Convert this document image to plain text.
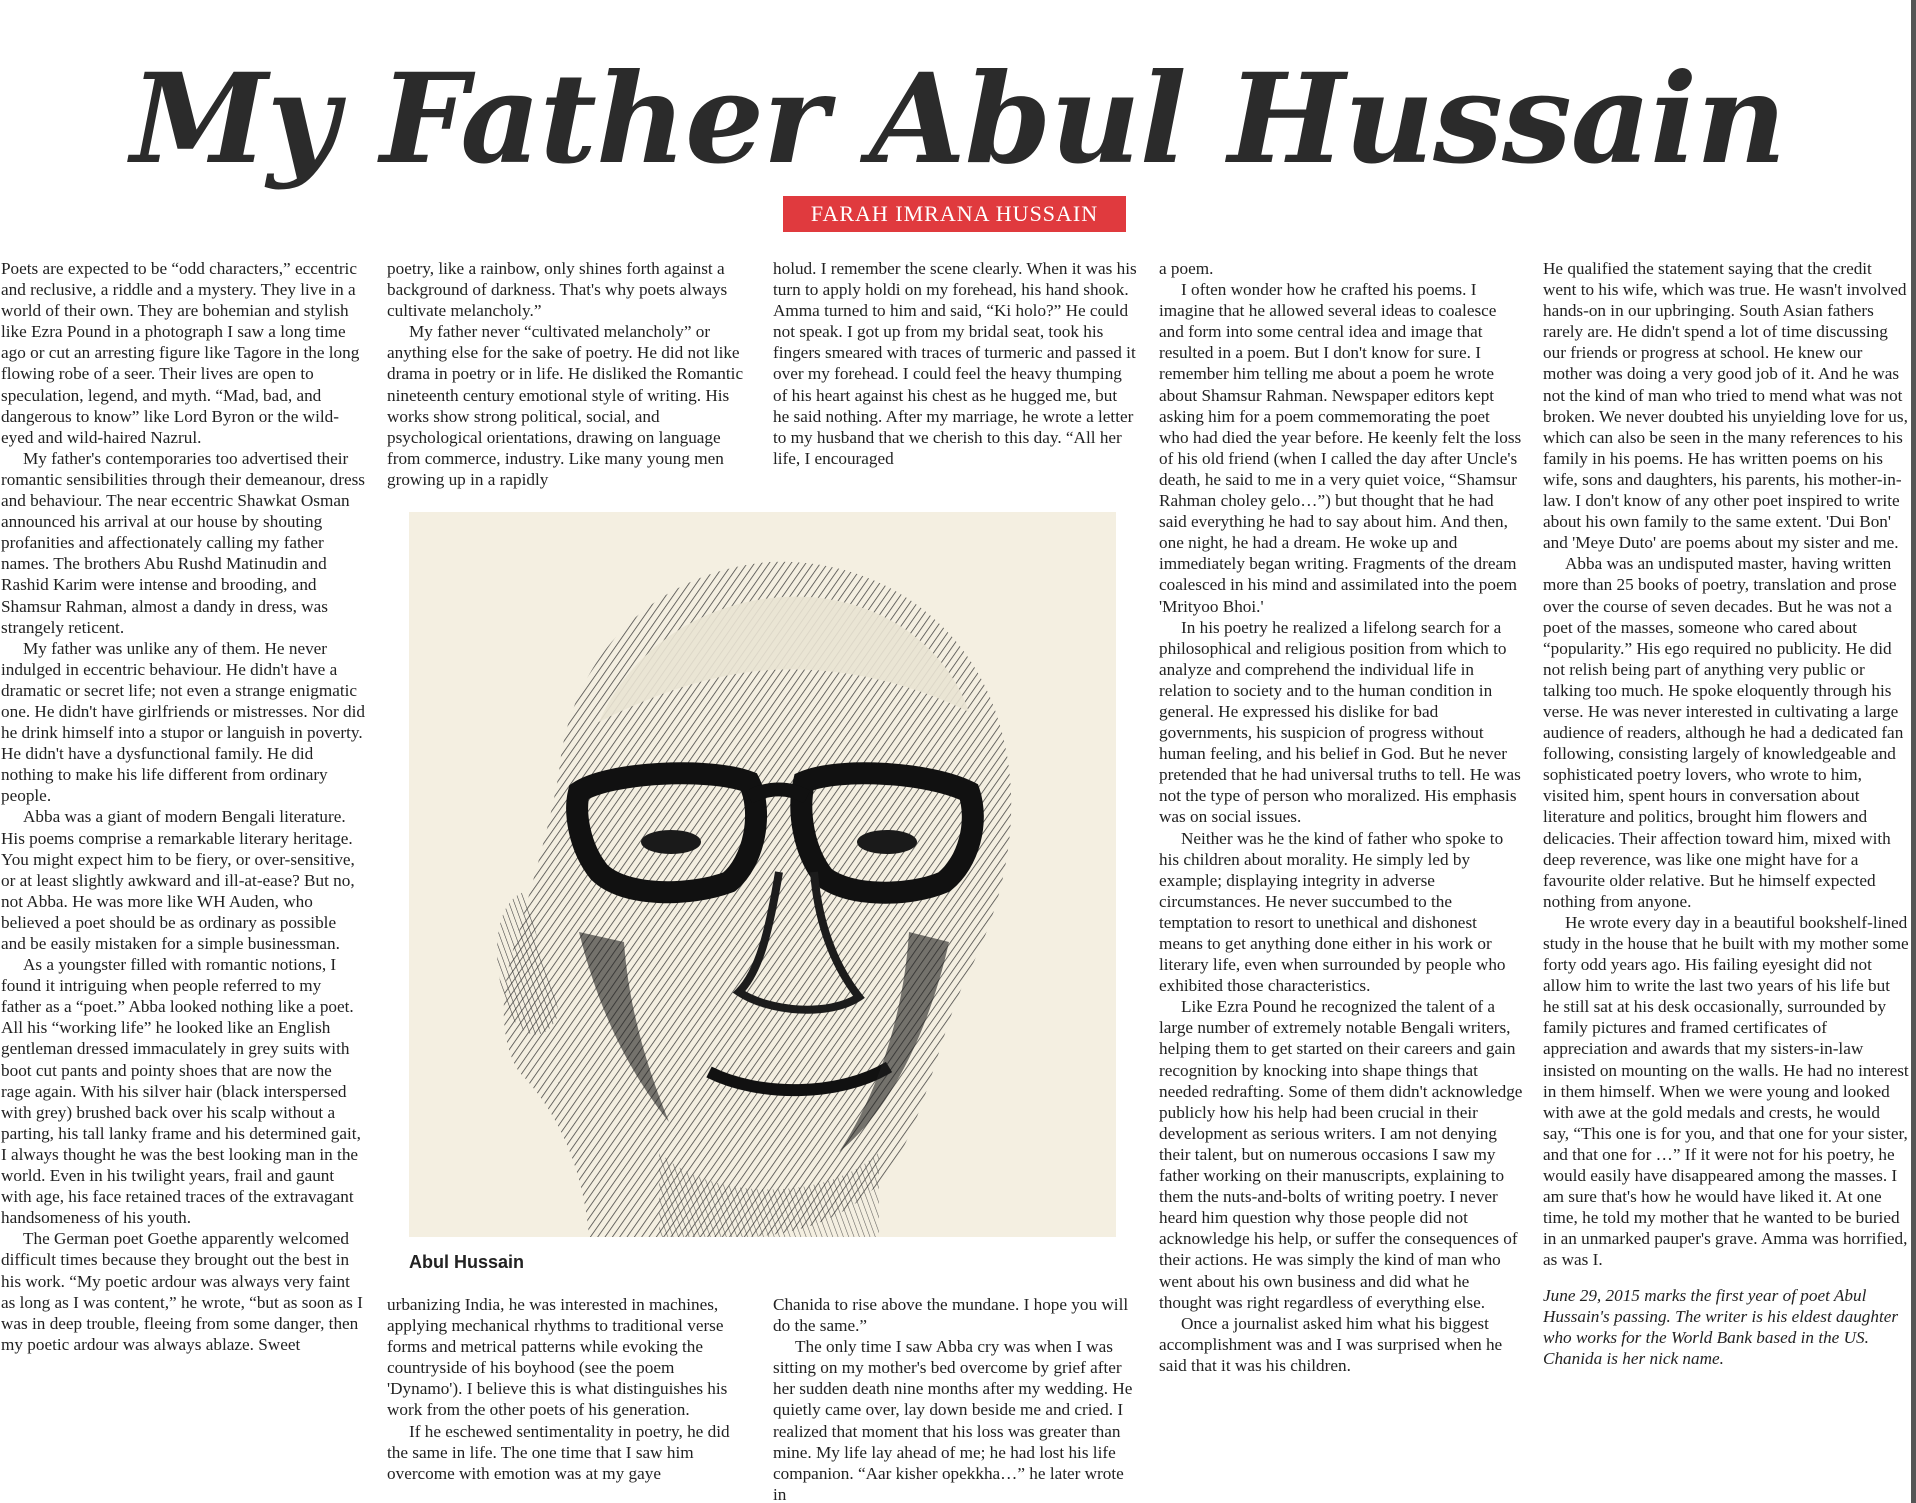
My Father Abul Hussain
FARAH IMRANA HUSSAIN

Poets are expected to be “odd characters,” eccentric and reclusive, a riddle and a mystery. They live in a world of their own. They are bohemian and stylish like Ezra Pound in a photograph I saw a long time ago or cut an arresting figure like Tagore in the long flowing robe of a seer. Their lives are open to speculation, legend, and myth. “Mad, bad, and dangerous to know” like Lord Byron or the wild-eyed and wild-haired Nazrul.

My father's contemporaries too advertised their romantic sensibilities through their demeanour, dress and behaviour. The near eccentric Shawkat Osman announced his arrival at our house by shouting profanities and affectionately calling my father names. The brothers Abu Rushd Matinudin and Rashid Karim were intense and brooding, and Shamsur Rahman, almost a dandy in dress, was strangely reticent.

My father was unlike any of them. He never indulged in eccentric behaviour. He didn't have a dramatic or secret life; not even a strange enigmatic one. He didn't have girlfriends or mistresses. Nor did he drink himself into a stupor or languish in poverty. He didn't have a dysfunctional family. He did nothing to make his life different from ordinary people.

Abba was a giant of modern Bengali literature. His poems comprise a remarkable literary heritage. You might expect him to be fiery, or over-sensitive, or at least slightly awkward and ill-at-ease? But no, not Abba. He was more like WH Auden, who believed a poet should be as ordinary as possible and be easily mistaken for a simple businessman.

As a youngster filled with romantic notions, I found it intriguing when people referred to my father as a “poet.” Abba looked nothing like a poet. All his “working life” he looked like an English gentleman dressed immaculately in grey suits with boot cut pants and pointy shoes that are now the rage again. With his silver hair (black interspersed with grey) brushed back over his scalp without a parting, his tall lanky frame and his determined gait, I always thought he was the best looking man in the world. Even in his twilight years, frail and gaunt with age, his face retained traces of the extravagant handsomeness of his youth.

The German poet Goethe apparently welcomed difficult times because they brought out the best in his work. “My poetic ardour was always very faint as long as I was content,” he wrote, “but as soon as I was in deep trouble, fleeing from some danger, then my poetic ardour was always ablaze. Sweet

poetry, like a rainbow, only shines forth against a background of darkness. That's why poets always cultivate melancholy.”

My father never “cultivated melancholy” or anything else for the sake of poetry. He did not like drama in poetry or in life. He disliked the Romantic nineteenth century emotional style of writing. His works show strong political, social, and psychological orientations, drawing on language from commerce, industry. Like many young men growing up in a rapidly

holud. I remember the scene clearly. When it was his turn to apply holdi on my forehead, his hand shook. Amma turned to him and said, “Ki holo?” He could not speak. I got up from my bridal seat, took his fingers smeared with traces of turmeric and passed it over my forehead. I could feel the heavy thumping of his heart against his chest as he hugged me, but he said nothing. After my marriage, he wrote a letter to my husband that we cherish to this day. “All her life, I encouraged

Abul Hussain

urbanizing India, he was interested in machines, applying mechanical rhythms to traditional verse forms and metrical patterns while evoking the countryside of his boyhood (see the poem 'Dynamo'). I believe this is what distinguishes his work from the other poets of his generation.

If he eschewed sentimentality in poetry, he did the same in life. The one time that I saw him overcome with emotion was at my gaye

Chanida to rise above the mundane. I hope you will do the same.”

The only time I saw Abba cry was when I was sitting on my mother's bed overcome by grief after her sudden death nine months after my wedding. He quietly came over, lay down beside me and cried. I realized that moment that his loss was greater than mine. My life lay ahead of me; he had lost his life companion. “Aar kisher opekkha…” he later wrote in

a poem.

I often wonder how he crafted his poems. I imagine that he allowed several ideas to coalesce and form into some central idea and image that resulted in a poem. But I don't know for sure. I remember him telling me about a poem he wrote about Shamsur Rahman. Newspaper editors kept asking him for a poem commemorating the poet who had died the year before. He keenly felt the loss of his old friend (when I called the day after Uncle's death, he said to me in a very quiet voice, “Shamsur Rahman choley gelo…”) but thought that he had said everything he had to say about him. And then, one night, he had a dream. He woke up and immediately began writing. Fragments of the dream coalesced in his mind and assimilated into the poem 'Mrityoo Bhoi.'

In his poetry he realized a lifelong search for a philosophical and religious position from which to analyze and comprehend the individual life in relation to society and to the human condition in general. He expressed his dislike for bad governments, his suspicion of progress without human feeling, and his belief in God. But he never pretended that he had universal truths to tell. He was not the type of person who moralized. His emphasis was on social issues.

Neither was he the kind of father who spoke to his children about morality. He simply led by example; displaying integrity in adverse circumstances. He never succumbed to the temptation to resort to unethical and dishonest means to get anything done either in his work or literary life, even when surrounded by people who exhibited those characteristics.

Like Ezra Pound he recognized the talent of a large number of extremely notable Bengali writers, helping them to get started on their careers and gain recognition by knocking into shape things that needed redrafting. Some of them didn't acknowledge publicly how his help had been crucial in their development as serious writers. I am not denying their talent, but on numerous occasions I saw my father working on their manuscripts, explaining to them the nuts-and-bolts of writing poetry. I never heard him question why those people did not acknowledge his help, or suffer the consequences of their actions. He was simply the kind of man who went about his own business and did what he thought was right regardless of everything else.

Once a journalist asked him what his biggest accomplishment was and I was surprised when he said that it was his children.

He qualified the statement saying that the credit went to his wife, which was true. He wasn't involved hands-on in our upbringing. South Asian fathers rarely are. He didn't spend a lot of time discussing our friends or progress at school. He knew our mother was doing a very good job of it. And he was not the kind of man who tried to mend what was not broken. We never doubted his unyielding love for us, which can also be seen in the many references to his family in his poems. He has written poems on his wife, sons and daughters, his parents, his mother-in-law. I don't know of any other poet inspired to write about his own family to the same extent. 'Dui Bon' and 'Meye Duto' are poems about my sister and me.

Abba was an undisputed master, having written more than 25 books of poetry, translation and prose over the course of seven decades. But he was not a poet of the masses, someone who cared about “popularity.” His ego required no publicity. He did not relish being part of anything very public or talking too much. He spoke eloquently through his verse. He was never interested in cultivating a large audience of readers, although he had a dedicated fan following, consisting largely of knowledgeable and sophisticated poetry lovers, who wrote to him, visited him, spent hours in conversation about literature and politics, brought him flowers and delicacies. Their affection toward him, mixed with deep reverence, was like one might have for a favourite older relative. But he himself expected nothing from anyone.

He wrote every day in a beautiful bookshelf-lined study in the house that he built with my mother some forty odd years ago. His failing eyesight did not allow him to write the last two years of his life but he still sat at his desk occasionally, surrounded by family pictures and framed certificates of appreciation and awards that my sisters-in-law insisted on mounting on the walls. He had no interest in them himself. When we were young and looked with awe at the gold medals and crests, he would say, “This one is for you, and that one for your sister, and that one for …” If it were not for his poetry, he would easily have disappeared among the masses. I am sure that's how he would have liked it. At one time, he told my mother that he wanted to be buried in an unmarked pauper's grave. Amma was horrified, as was I.

June 29, 2015 marks the first year of poet Abul Hussain's passing. The writer is his eldest daughter who works for the World Bank based in the US. Chanida is her nick name.
